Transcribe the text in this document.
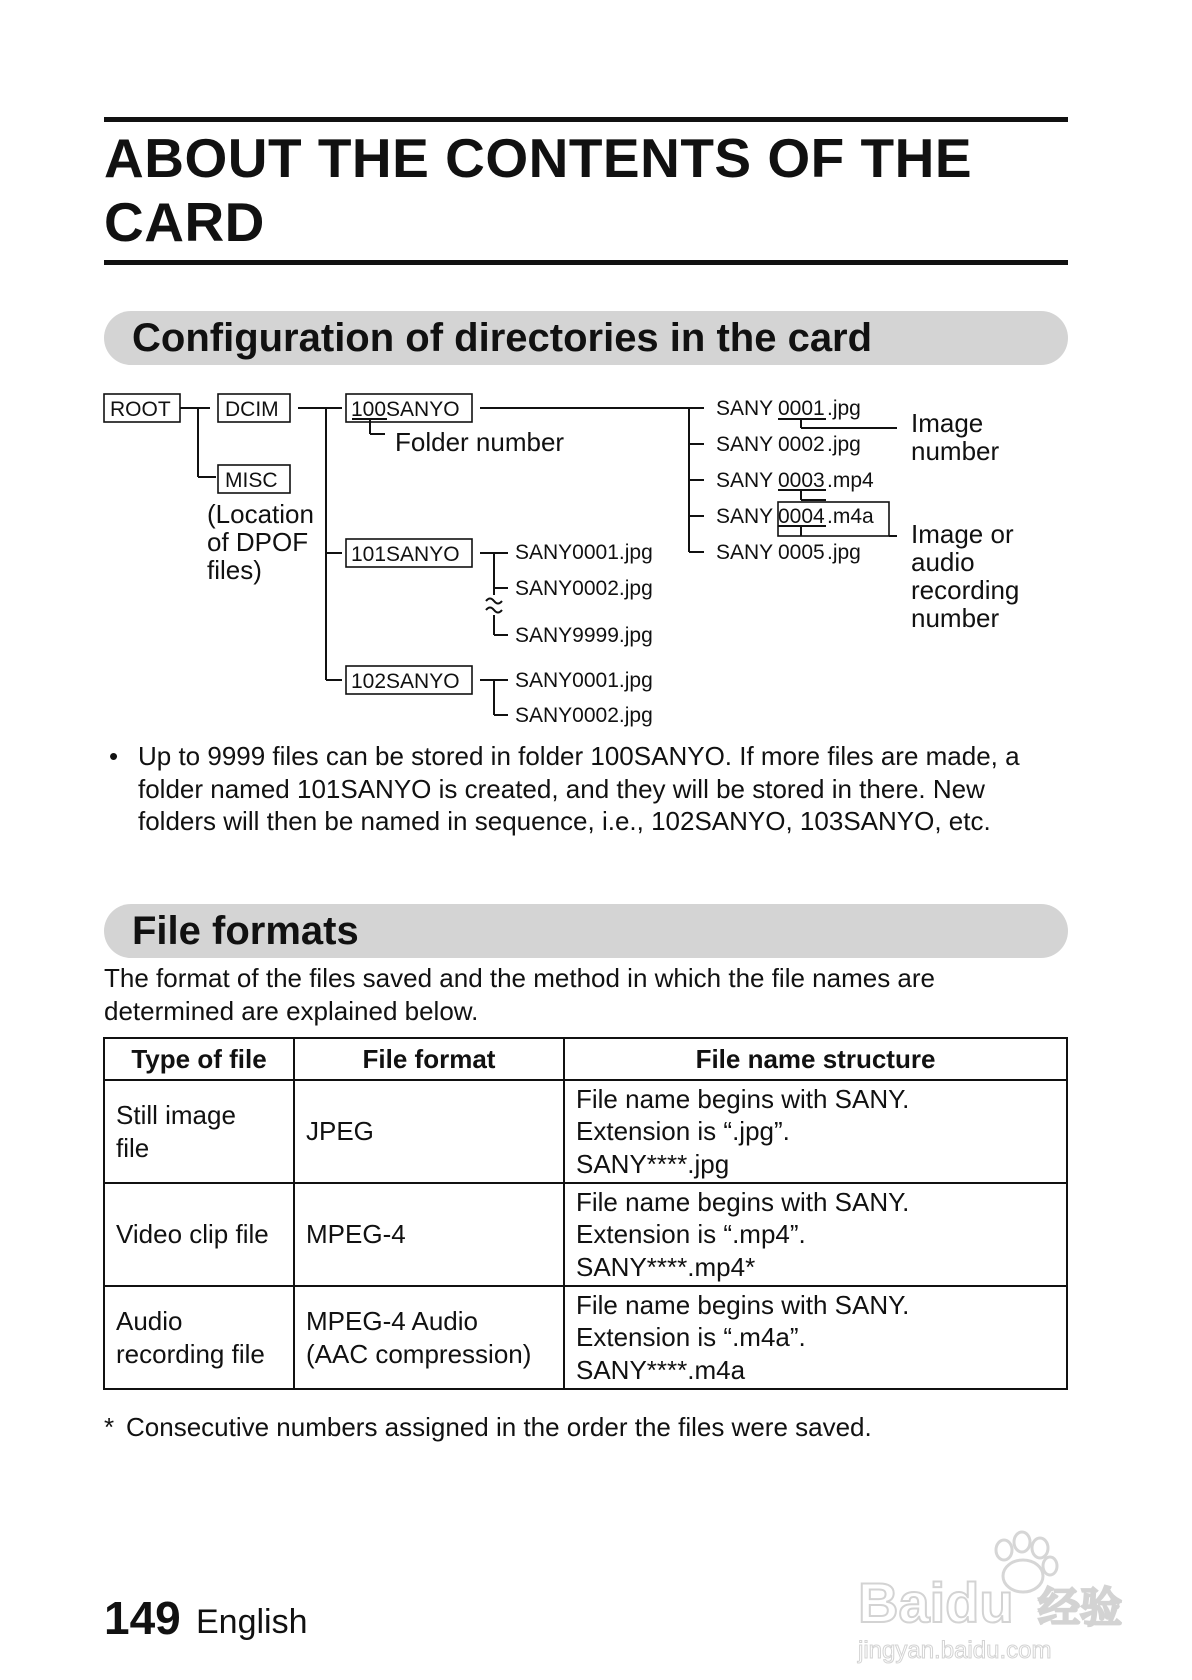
ABOUT THE CONTENTS OF THE CARD
Configuration of directories in the card
ROOT	DCIM
MISC
(Location
of DPOF
files)
100SANYO
Folder number
SANY 0001 .jpg
SANY 0002 .jpg
SANY 0003 .mp4
SANY 0004 .m4a
SANY 0005 .jpg
Image
number
Image or
audio
recording
number
101SANYO	SANY0001.jpg
SANY0002.jpg
SANY9999.jpg
102SANYO	SANY0001.jpg
SANY0002.jpg
• Up to 9999 files can be stored in folder 100SANYO. If more files are made, a folder named 101SANYO is created, and they will be stored in there. New folders will then be named in sequence, i.e., 102SANYO, 103SANYO, etc.
File formats

The format of the files saved and the method in which the file names are determined are explained below.

Type of file	File format	File name structure

Still image
file	JPEG	File name begins with SANY.
Extension is “.jpg”.
SANY****.jpg

Video clip file	MPEG-4	File name begins with SANY.
Extension is “.mp4”.
SANY****.mp4*

Audio
recording file	MPEG-4 Audio
(AAC compression)	File name begins with SANY.
Extension is “.m4a”.
SANY****.m4a
* Consecutive numbers assigned in the order the files were saved.
149 English	Baidu 经验
jingyan.baidu.com
